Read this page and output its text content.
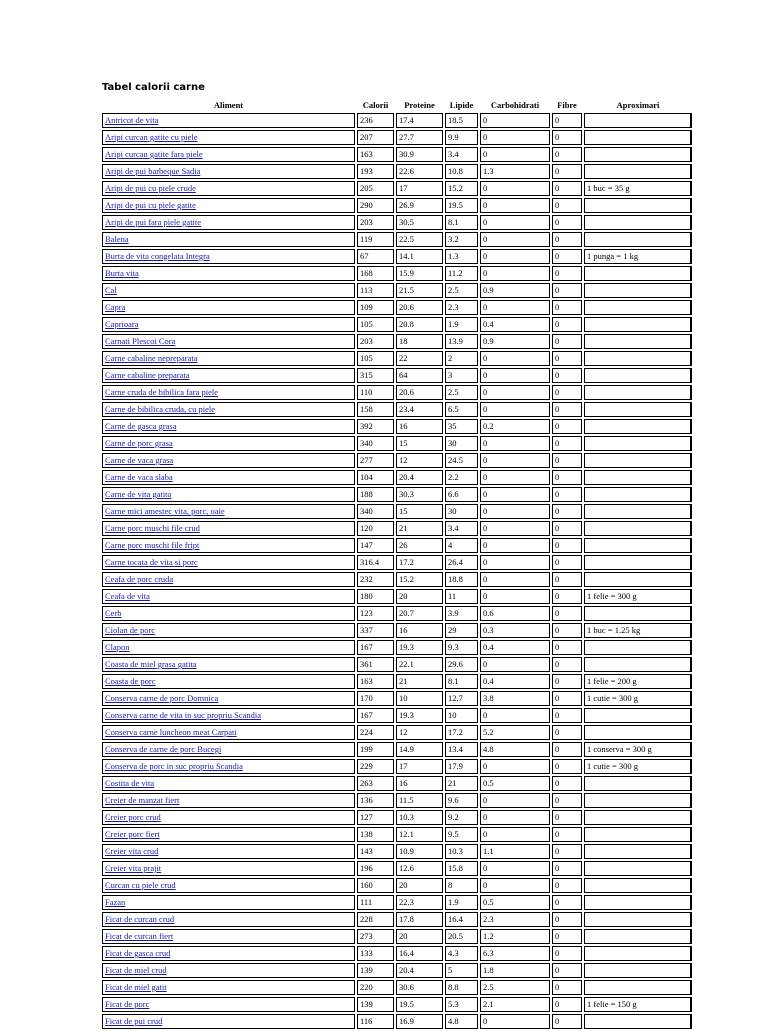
Tabel calorii carne
Aliment	Calorii	Proteine	Lipide	Carbohidrati	Fibre	Aproximari
Antricot de vita	236	17.4	18.5	0	0	
Aripi curcan gatite cu piele	207	27.7	9.9	0	0	
Aripi curcan gatite fara piele	163	30.9	3.4	0	0	
Aripi de pui barbeque Sadia	193	22.6	10.8	1.3	0	
Aripi de pui cu piele crude	205	17	15.2	0	0	1 buc = 35 g
Aripi de pui cu piele gatite	290	26.9	19.5	0	0	
Aripi de pui fara piele gatite	203	30.5	8.1	0	0	
Balena	119	22.5	3.2	0	0	
Burta de vita congelata Integra	67	14.1	1.3	0	0	1 punga = 1 kg
Burta vita	168	15.9	11.2	0	0	
Cal	113	21.5	2.5	0.9	0	
Capra	109	20.6	2.3	0	0	
Caprioara	105	20.8	1.9	0.4	0	
Carnati Plescoi Cora	203	18	13.9	0.9	0	
Carne cabaline nepreparata	105	22	2	0	0	
Carne cabaline preparata	315	64	3	0	0	
Carne cruda de bibilica fara piele	110	20.6	2.5	0	0	
Carne de bibilica cruda, cu piele	158	23.4	6.5	0	0	
Carne de gasca grasa	392	16	35	0.2	0	
Carne de porc grasa	340	15	30	0	0	
Carne de vaca grasa	277	12	24.5	0	0	
Carne de vaca slaba	104	20.4	2.2	0	0	
Carne de vita gatita	188	30.3	6.6	0	0	
Carne mici amestec vita, porc, oaie	340	15	30	0	0	
Carne porc muschi file crud	120	21	3.4	0	0	
Carne porc muschi file fript	147	26	4	0	0	
Carne tocata de vita si porc	316.4	17.2	26.4	0	0	
Ceafa de porc cruda	232	15.2	18.8	0	0	
Ceafa de vita	180	20	11	0	0	1 felie = 300 g
Cerb	123	20.7	3.9	0.6	0	
Ciolan de porc	337	16	29	0.3	0	1 buc = 1.25 kg
Clapon	167	19.3	9.3	0.4	0	
Coasta de miel grasa gatita	361	22.1	29.6	0	0	
Coasta de porc	163	21	8.1	0.4	0	1 felie = 200 g
Conserva carne de porc Domnica	170	10	12.7	3.8	0	1 cutie = 300 g
Conserva carne de vita in suc propriu Scandia	167	19.3	10	0	0	
Conserva carne luncheon meat Carpati	224	12	17.2	5.2	0	
Conserva de carne de porc Bucegi	199	14.9	13.4	4.8	0	1 conserva = 300 g
Conserva de porc in suc propriu Scandia	229	17	17.9	0	0	1 cutie = 300 g
Costita de vita	263	16	21	0.5	0	
Creier de manzat fiert	136	11.5	9.6	0	0	
Creier porc crud	127	10.3	9.2	0	0	
Creier porc fiert	138	12.1	9.5	0	0	
Creier vita crud	143	10.9	10.3	1.1	0	
Creier vita prajit	196	12.6	15.8	0	0	
Curcan cu piele crud	160	20	8	0	0	
Fazan	111	22.3	1.9	0.5	0	
Ficat de curcan crud	228	17.8	16.4	2.3	0	
Ficat de curcan fiert	273	20	20.5	1.2	0	
Ficat de gasca crud	133	16.4	4.3	6.3	0	
Ficat de miel crud	139	20.4	5	1.8	0	
Ficat de miel gatit	220	30.6	8.8	2.5	0	
Ficat de porc	139	19.5	5.3	2.1	0	1 felie = 150 g
Ficat de pui crud	116	16.9	4.8	0	0	
